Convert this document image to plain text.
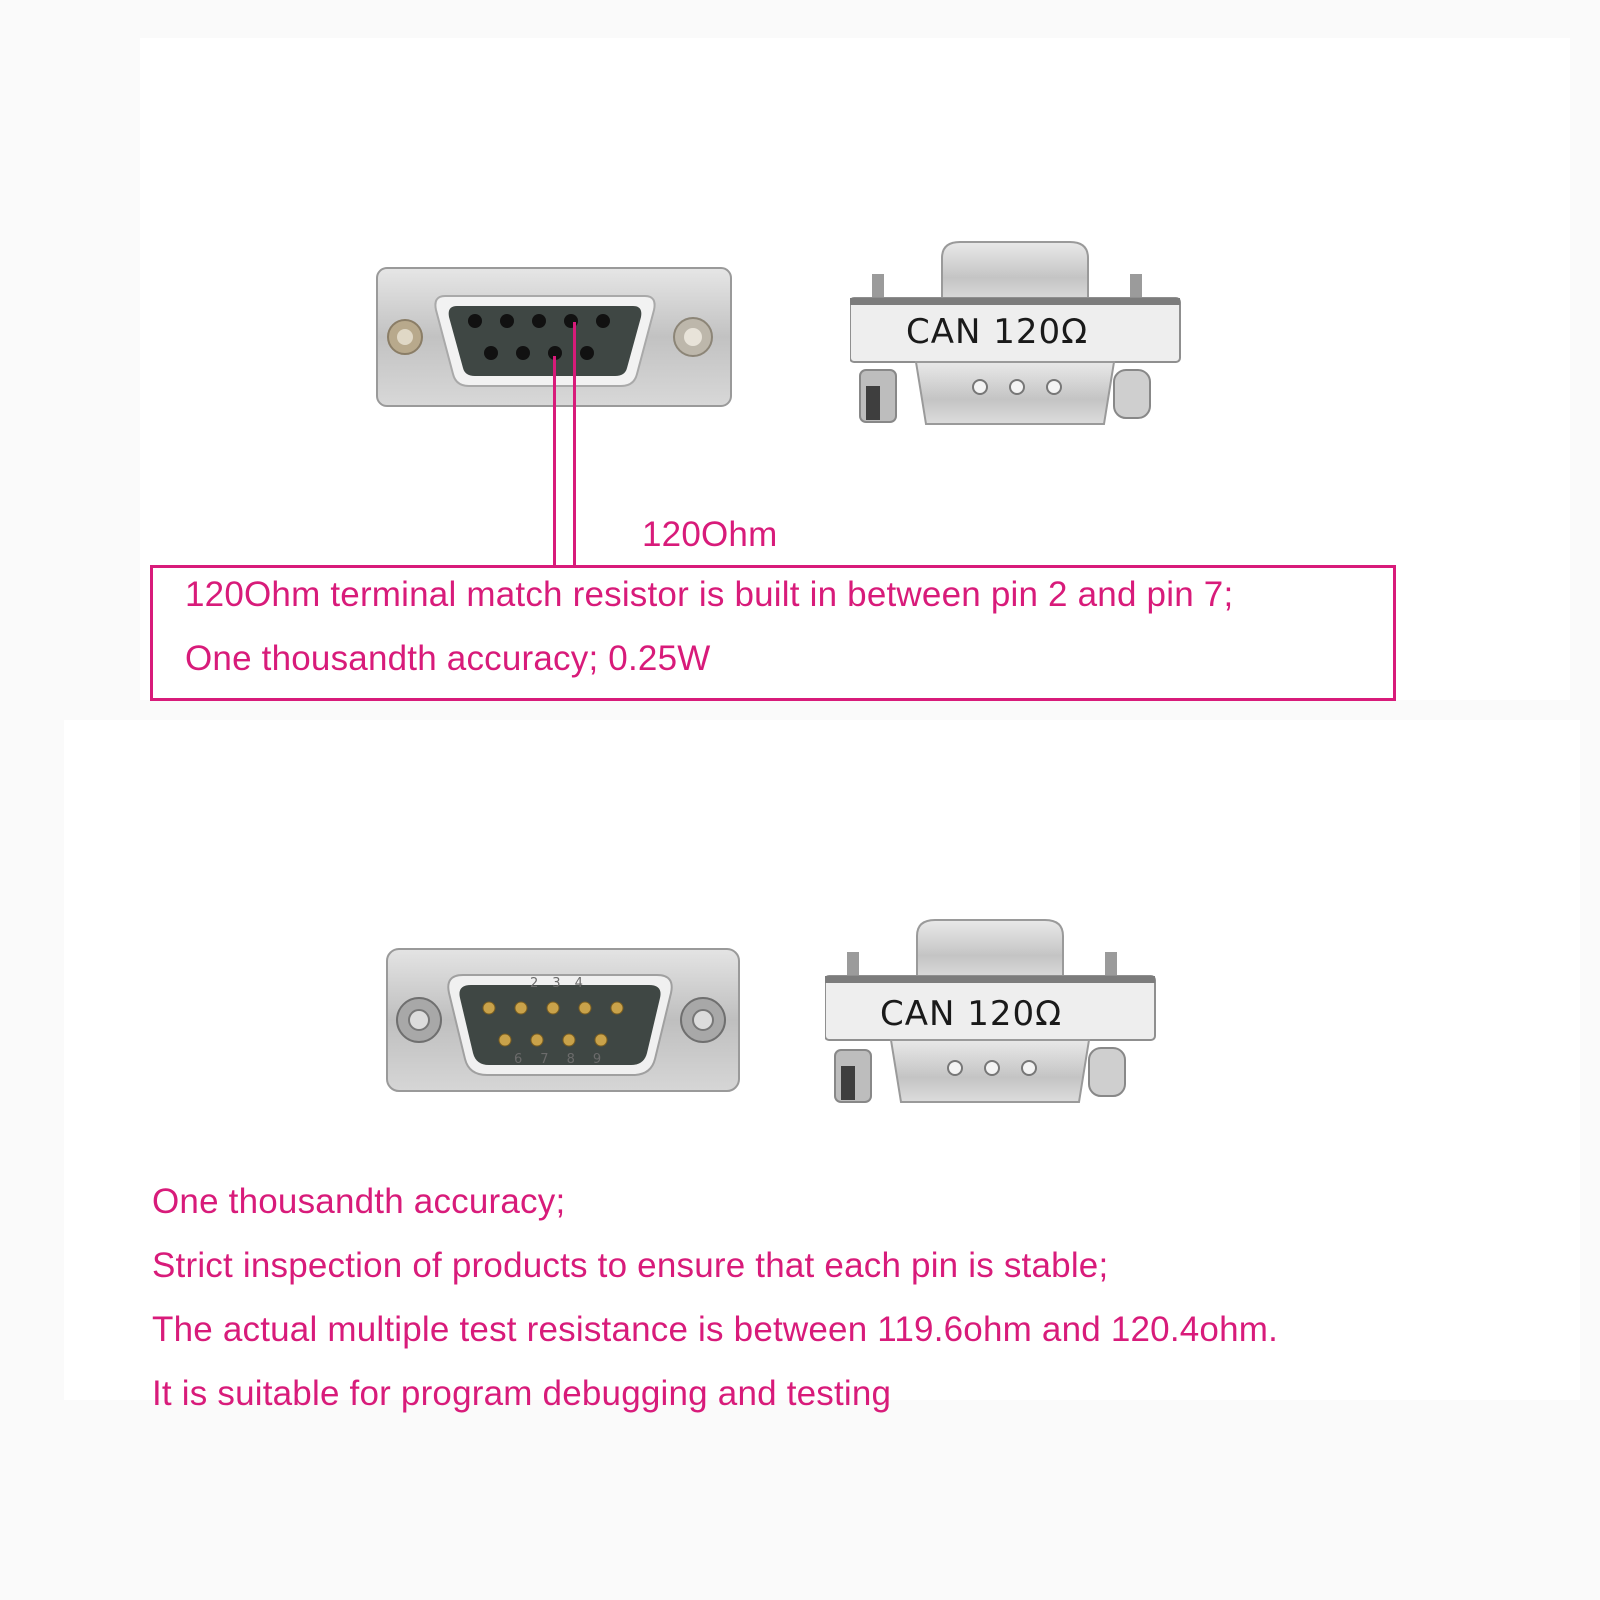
CAN 120Ω
120Ohm
120Ohm terminal match resistor is built in between pin 2 and pin 7;
One thousandth accuracy; 0.25W
234
6789
CAN 120Ω
One thousandth accuracy;
Strict inspection of products to ensure that each pin is stable;
The actual multiple test resistance is between 119.6ohm and 120.4ohm.
It is suitable for program debugging and testing
